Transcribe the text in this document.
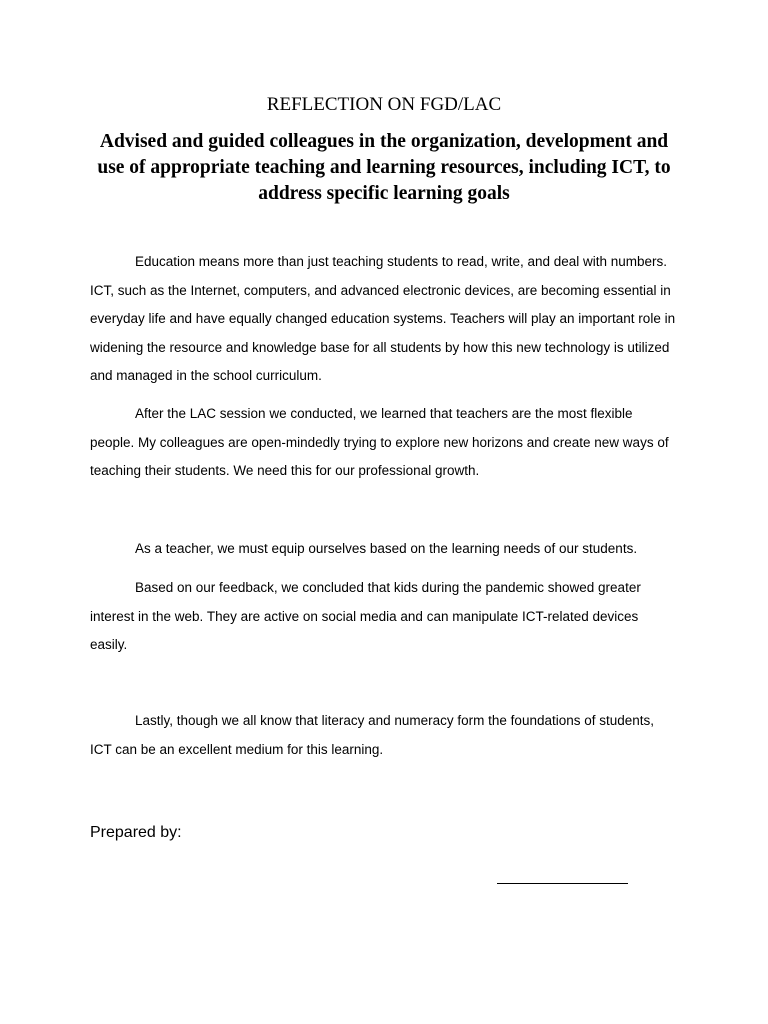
REFLECTION ON FGD/LAC
Advised and guided colleagues in the organization, development and use of appropriate teaching and learning resources, including ICT, to address specific learning goals

Education means more than just teaching students to read, write, and deal with numbers. ICT, such as the Internet, computers, and advanced electronic devices, are becoming essential in everyday life and have equally changed education systems. Teachers will play an important role in widening the resource and knowledge base for all students by how this new technology is utilized and managed in the school curriculum.

After the LAC session we conducted, we learned that teachers are the most flexible people. My colleagues are open-mindedly trying to explore new horizons and create new ways of teaching their students. We need this for our professional growth.

As a teacher, we must equip ourselves based on the learning needs of our students.

Based on our feedback, we concluded that kids during the pandemic showed greater interest in the web. They are active on social media and can manipulate ICT-related devices easily.

Lastly, though we all know that literacy and numeracy form the foundations of students, ICT can be an excellent medium for this learning.

Prepared by:
